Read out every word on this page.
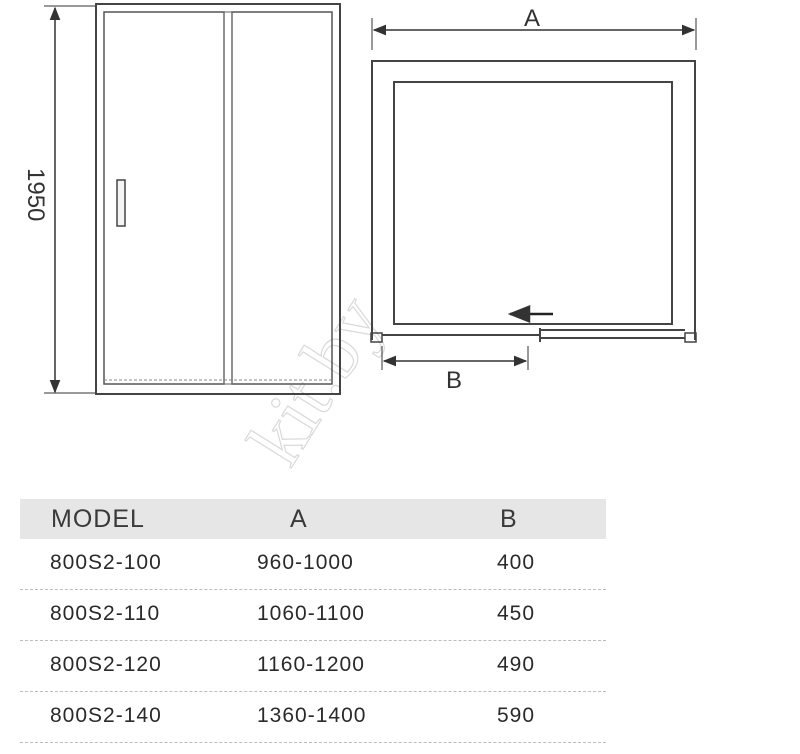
kit.by
1950
A
B
MODEL	A	B
800S2-100	960-1000	400
800S2-110	1060-1100	450
800S2-120	1160-1200	490
800S2-140	1360-1400	590
